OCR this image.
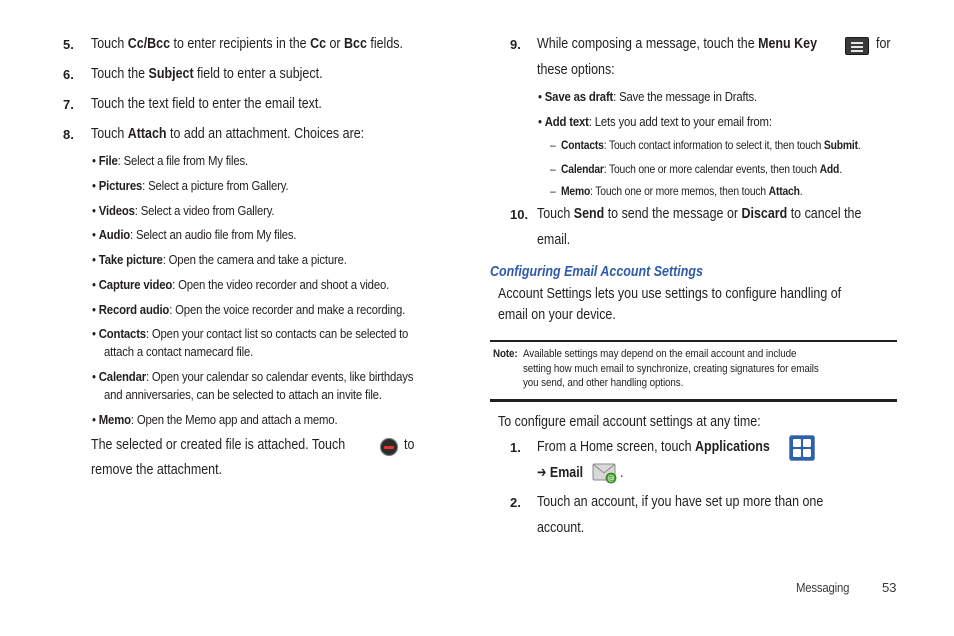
5. Touch Cc/Bcc to enter recipients in the Cc or Bcc fields.
6. Touch the Subject field to enter a subject.
7. Touch the text field to enter the email text.
8. Touch Attach to add an attachment. Choices are:
• File: Select a file from My files.
• Pictures: Select a picture from Gallery.
• Videos: Select a video from Gallery.
• Audio: Select an audio file from My files.
• Take picture: Open the camera and take a picture.
• Capture video: Open the video recorder and shoot a video.
• Record audio: Open the voice recorder and make a recording.
• Contacts: Open your contact list so contacts can be selected to
attach a contact namecard file.
• Calendar: Open your calendar so calendar events, like birthdays
and anniversaries, can be selected to attach an invite file.
• Memo: Open the Memo app and attach a memo.
The selected or created file is attached. Touch	to
remove the attachment.
9. While composing a message, touch the Menu Key	for
these options:
• Save as draft: Save the message in Drafts.
• Add text: Lets you add text to your email from:
–  Contacts: Touch contact information to select it, then touch Submit.
–  Calendar: Touch one or more calendar events, then touch Add.
–  Memo: Touch one or more memos, then touch Attach.
10. Touch Send to send the message or Discard to cancel the
email.
Configuring Email Account Settings
Account Settings lets you use settings to configure handling of
email on your device.
Note: Available settings may depend on the email account and include
setting how much email to synchronize, creating signatures for emails
you send, and other handling options.
To configure email account settings at any time:
1. From a Home screen, touch Applications
➔ Email	@ .
2. Touch an account, if you have set up more than one
account.
Messaging	53
